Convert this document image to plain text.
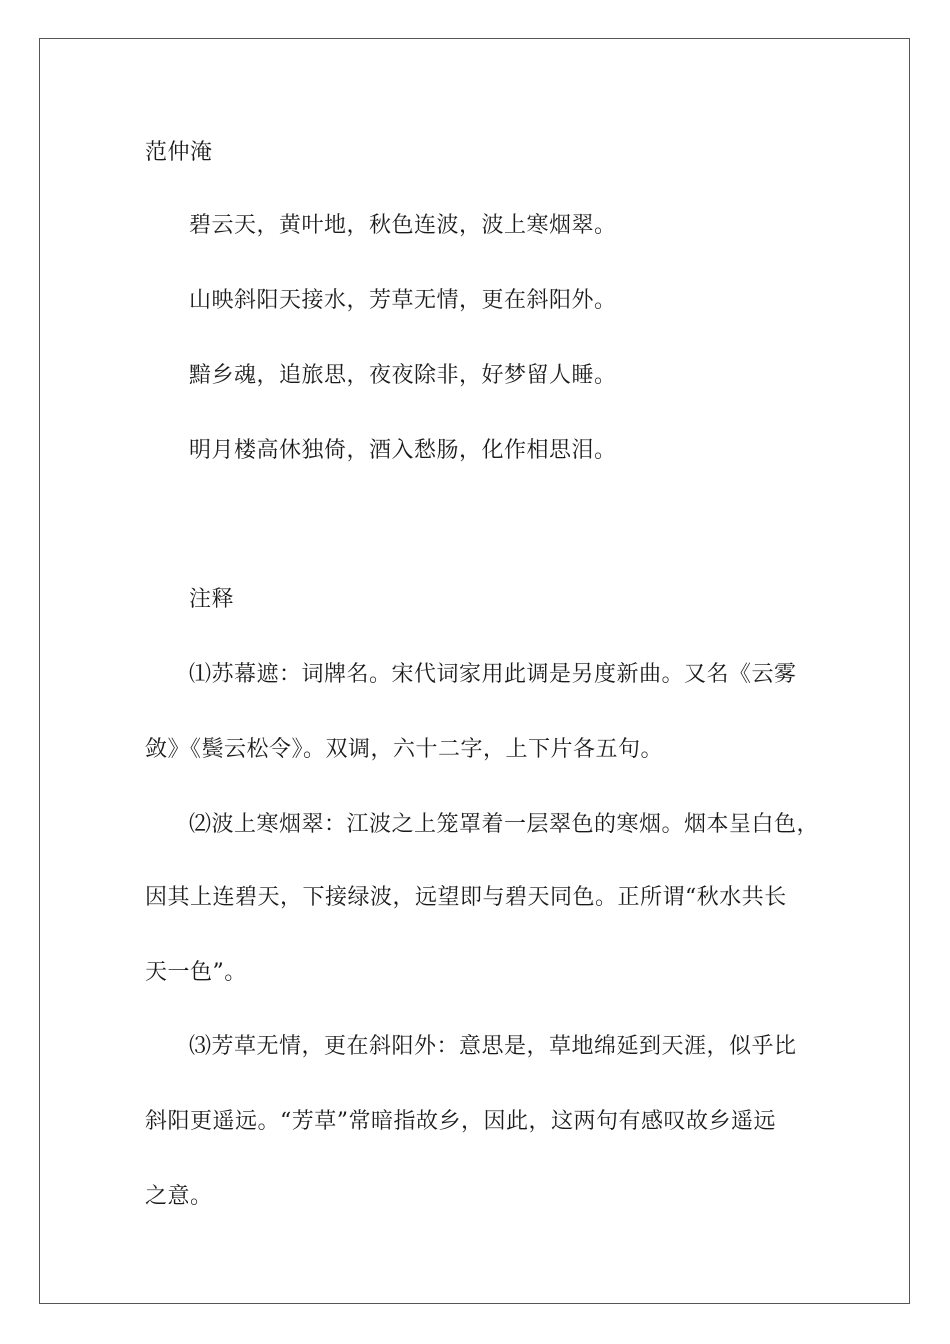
范仲淹
碧云天，黄叶地，秋色连波，波上寒烟翠。
山映斜阳天接水，芳草无情，更在斜阳外。
黯乡魂，追旅思，夜夜除非，好梦留人睡。
明月楼高休独倚，酒入愁肠，化作相思泪。
注释
⑴苏幕遮：词牌名。宋代词家用此调是另度新曲。又名《云雾
敛》《鬓云松令》。双调，六十二字，上下片各五句。
⑵波上寒烟翠：江波之上笼罩着一层翠色的寒烟。烟本呈白色，
因其上连碧天，下接绿波，远望即与碧天同色。正所谓“秋水共长
天一色”。
⑶芳草无情，更在斜阳外：意思是，草地绵延到天涯，似乎比
斜阳更遥远。“芳草”常暗指故乡，因此，这两句有感叹故乡遥远
之意。
